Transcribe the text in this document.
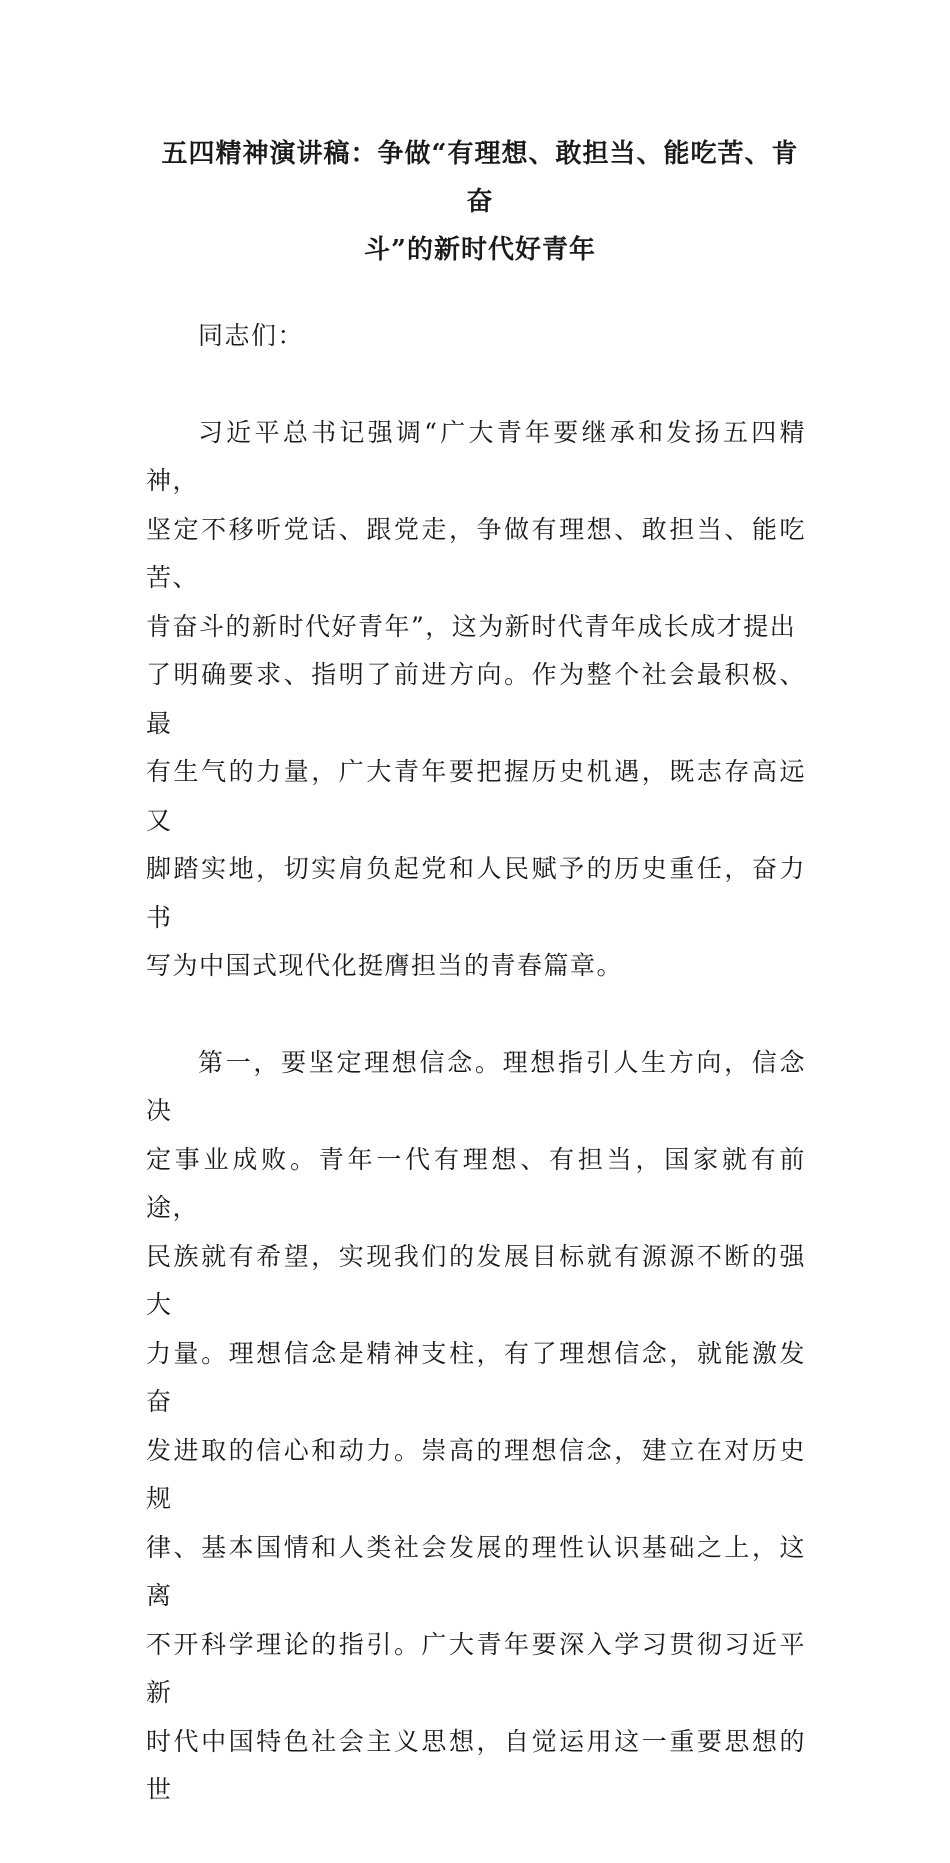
五四精神演讲稿：争做“有理想、敢担当、能吃苦、肯奋
斗”的新时代好青年

同志们：

习近平总书记强调“广大青年要继承和发扬五四精神，
坚定不移听党话、跟党走，争做有理想、敢担当、能吃苦、
肯奋斗的新时代好青年”，这为新时代青年成长成才提出
了明确要求、指明了前进方向。作为整个社会最积极、最
有生气的力量，广大青年要把握历史机遇，既志存高远又
脚踏实地，切实肩负起党和人民赋予的历史重任，奋力书
写为中国式现代化挺膺担当的青春篇章。

第一，要坚定理想信念。理想指引人生方向，信念决
定事业成败。青年一代有理想、有担当，国家就有前途，
民族就有希望，实现我们的发展目标就有源源不断的强大
力量。理想信念是精神支柱，有了理想信念，就能激发奋
发进取的信心和动力。崇高的理想信念，建立在对历史规
律、基本国情和人类社会发展的理性认识基础之上，这离
不开科学理论的指引。广大青年要深入学习贯彻习近平新
时代中国特色社会主义思想，自觉运用这一重要思想的世
